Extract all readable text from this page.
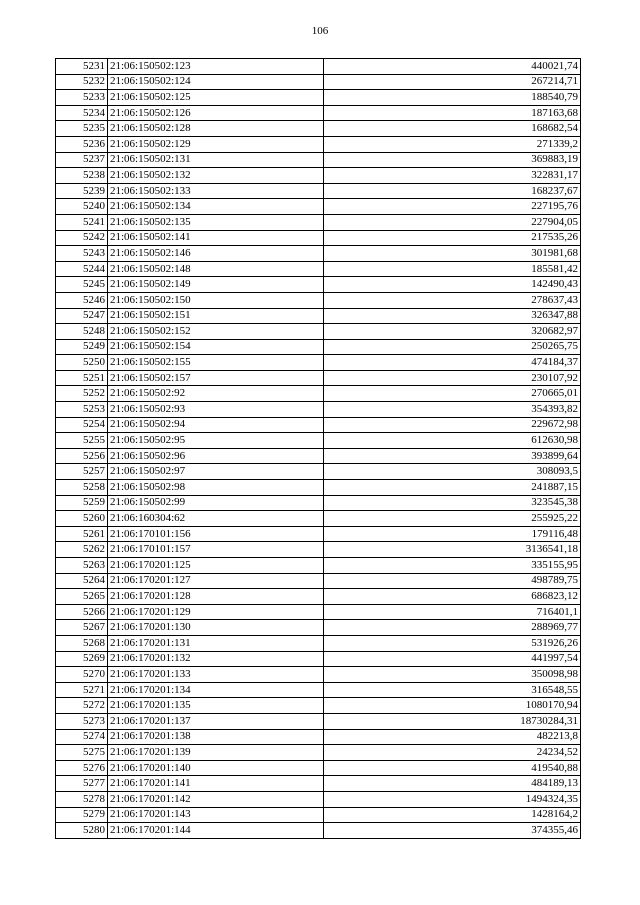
106
5231	21:06:150502:123	440021,74
5232	21:06:150502:124	267214,71
5233	21:06:150502:125	188540,79
5234	21:06:150502:126	187163,68
5235	21:06:150502:128	168682,54
5236	21:06:150502:129	271339,2
5237	21:06:150502:131	369883,19
5238	21:06:150502:132	322831,17
5239	21:06:150502:133	168237,67
5240	21:06:150502:134	227195,76
5241	21:06:150502:135	227904,05
5242	21:06:150502:141	217535,26
5243	21:06:150502:146	301981,68
5244	21:06:150502:148	185581,42
5245	21:06:150502:149	142490,43
5246	21:06:150502:150	278637,43
5247	21:06:150502:151	326347,88
5248	21:06:150502:152	320682,97
5249	21:06:150502:154	250265,75
5250	21:06:150502:155	474184,37
5251	21:06:150502:157	230107,92
5252	21:06:150502:92	270665,01
5253	21:06:150502:93	354393,82
5254	21:06:150502:94	229672,98
5255	21:06:150502:95	612630,98
5256	21:06:150502:96	393899,64
5257	21:06:150502:97	308093,5
5258	21:06:150502:98	241887,15
5259	21:06:150502:99	323545,38
5260	21:06:160304:62	255925,22
5261	21:06:170101:156	179116,48
5262	21:06:170101:157	3136541,18
5263	21:06:170201:125	335155,95
5264	21:06:170201:127	498789,75
5265	21:06:170201:128	686823,12
5266	21:06:170201:129	716401,1
5267	21:06:170201:130	288969,77
5268	21:06:170201:131	531926,26
5269	21:06:170201:132	441997,54
5270	21:06:170201:133	350098,98
5271	21:06:170201:134	316548,55
5272	21:06:170201:135	1080170,94
5273	21:06:170201:137	18730284,31
5274	21:06:170201:138	482213,8
5275	21:06:170201:139	24234,52
5276	21:06:170201:140	419540,88
5277	21:06:170201:141	484189,13
5278	21:06:170201:142	1494324,35
5279	21:06:170201:143	1428164,2
5280	21:06:170201:144	374355,46
